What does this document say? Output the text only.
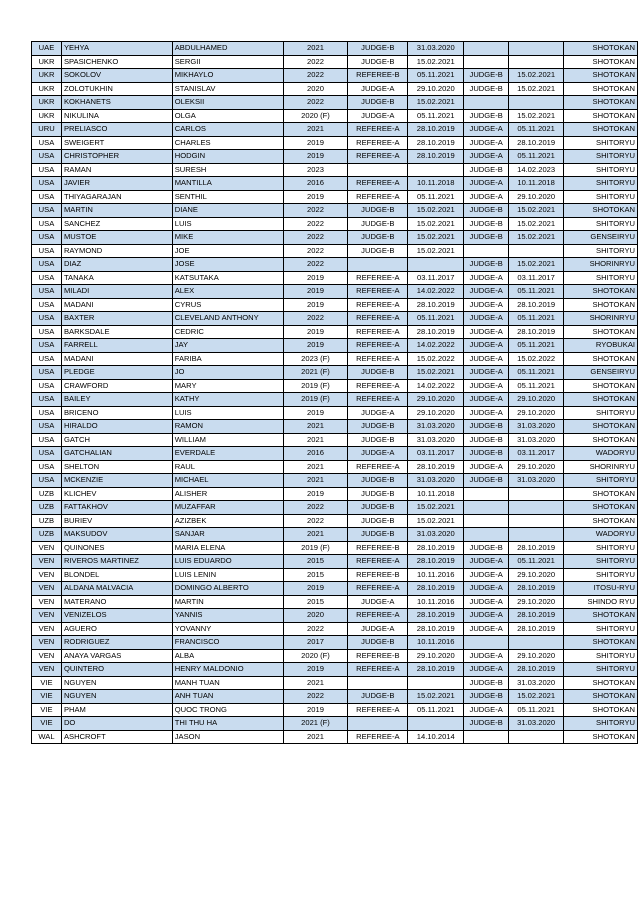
UAE	YEHYA	ABDULHAMED	2021	JUDGE-B	31.03.2020			SHOTOKAN
UKR	SPASICHENKO	SERGII	2022	JUDGE-B	15.02.2021			SHOTOKAN
UKR	SOKOLOV	MIKHAYLO	2022	REFEREE-B	05.11.2021	JUDGE-B	15.02.2021	SHOTOKAN
UKR	ZOLOTUKHIN	STANISLAV	2020	JUDGE-A	29.10.2020	JUDGE-B	15.02.2021	SHOTOKAN
UKR	KOKHANETS	OLEKSII	2022	JUDGE-B	15.02.2021			SHOTOKAN
UKR	NIKULINA	OLGA	2020 (F)	JUDGE-A	05.11.2021	JUDGE-B	15.02.2021	SHOTOKAN
URU	PRELIASCO	CARLOS	2021	REFEREE-A	28.10.2019	JUDGE-A	05.11.2021	SHOTOKAN
USA	SWEIGERT	CHARLES	2019	REFEREE-A	28.10.2019	JUDGE-A	28.10.2019	SHITORYU
USA	CHRISTOPHER	HODGIN	2019	REFEREE-A	28.10.2019	JUDGE-A	05.11.2021	SHITORYU
USA	RAMAN	SURESH	2023			JUDGE-B	14.02.2023	SHITORYU
USA	JAVIER	MANTILLA	2016	REFEREE-A	10.11.2018	JUDGE-A	10.11.2018	SHITORYU
USA	THIYAGARAJAN	SENTHIL	2019	REFEREE-A	05.11.2021	JUDGE-A	29.10.2020	SHITORYU
USA	MARTIN	DIANE	2022	JUDGE-B	15.02.2021	JUDGE-B	15.02.2021	SHOTOKAN
USA	SANCHEZ	LUIS	2022	JUDGE-B	15.02.2021	JUDGE-B	15.02.2021	SHITORYU
USA	MUSTOE	MIKE	2022	JUDGE-B	15.02.2021	JUDGE-B	15.02.2021	GENSEIRYU
USA	RAYMOND	JOE	2022	JUDGE-B	15.02.2021			SHITORYU
USA	DIAZ	JOSE	2022			JUDGE-B	15.02.2021	SHORINRYU
USA	TANAKA	KATSUTAKA	2019	REFEREE-A	03.11.2017	JUDGE-A	03.11.2017	SHITORYU
USA	MILADI	ALEX	2019	REFEREE-A	14.02.2022	JUDGE-A	05.11.2021	SHOTOKAN
USA	MADANI	CYRUS	2019	REFEREE-A	28.10.2019	JUDGE-A	28.10.2019	SHOTOKAN
USA	BAXTER	CLEVELAND ANTHONY	2022	REFEREE-A	05.11.2021	JUDGE-A	05.11.2021	SHORINRYU
USA	BARKSDALE	CEDRIC	2019	REFEREE-A	28.10.2019	JUDGE-A	28.10.2019	SHOTOKAN
USA	FARRELL	JAY	2019	REFEREE-A	14.02.2022	JUDGE-A	05.11.2021	RYOBUKAI
USA	MADANI	FARIBA	2023 (F)	REFEREE-A	15.02.2022	JUDGE-A	15.02.2022	SHOTOKAN
USA	PLEDGE	JO	2021 (F)	JUDGE-B	15.02.2021	JUDGE-A	05.11.2021	GENSEIRYU
USA	CRAWFORD	MARY	2019 (F)	REFEREE-A	14.02.2022	JUDGE-A	05.11.2021	SHOTOKAN
USA	BAILEY	KATHY	2019 (F)	REFEREE-A	29.10.2020	JUDGE-A	29.10.2020	SHOTOKAN
USA	BRICENO	LUIS	2019	JUDGE-A	29.10.2020	JUDGE-A	29.10.2020	SHITORYU
USA	HIRALDO	RAMON	2021	JUDGE-B	31.03.2020	JUDGE-B	31.03.2020	SHOTOKAN
USA	GATCH	WILLIAM	2021	JUDGE-B	31.03.2020	JUDGE-B	31.03.2020	SHOTOKAN
USA	GATCHALIAN	EVERDALE	2016	JUDGE-A	03.11.2017	JUDGE-B	03.11.2017	WADORYU
USA	SHELTON	RAUL	2021	REFEREE-A	28.10.2019	JUDGE-A	29.10.2020	SHORINRYU
USA	MCKENZIE	MICHAEL	2021	JUDGE-B	31.03.2020	JUDGE-B	31.03.2020	SHITORYU
UZB	KLICHEV	ALISHER	2019	JUDGE-B	10.11.2018			SHOTOKAN
UZB	FATTAKHOV	MUZAFFAR	2022	JUDGE-B	15.02.2021			SHOTOKAN
UZB	BURIEV	AZIZBEK	2022	JUDGE-B	15.02.2021			SHOTOKAN
UZB	MAKSUDOV	SANJAR	2021	JUDGE-B	31.03.2020			WADORYU
VEN	QUINONES	MARIA ELENA	2019 (F)	REFEREE-B	28.10.2019	JUDGE-B	28.10.2019	SHITORYU
VEN	RIVEROS MARTINEZ	LUIS EDUARDO	2015	REFEREE-A	28.10.2019	JUDGE-A	05.11.2021	SHITORYU
VEN	BLONDEL	LUIS LENIN	2015	REFEREE-B	10.11.2016	JUDGE-A	29.10.2020	SHITORYU
VEN	ALDANA MALVACIA	DOMINGO ALBERTO	2019	REFEREE-A	28.10.2019	JUDGE-A	28.10.2019	ITOSU-RYU
VEN	MATERANO	MARTIN	2015	JUDGE-A	10.11.2016	JUDGE-A	29.10.2020	SHINDO RYU
VEN	VENIZELOS	YANNIS	2020	REFEREE-A	28.10.2019	JUDGE-A	28.10.2019	SHOTOKAN
VEN	AGUERO	YOVANNY	2022	JUDGE-A	28.10.2019	JUDGE-A	28.10.2019	SHITORYU
VEN	RODRIGUEZ	FRANCISCO	2017	JUDGE-B	10.11.2016			SHOTOKAN
VEN	ANAYA VARGAS	ALBA	2020 (F)	REFEREE-B	29.10.2020	JUDGE-A	29.10.2020	SHITORYU
VEN	QUINTERO	HENRY MALDONIO	2019	REFEREE-A	28.10.2019	JUDGE-A	28.10.2019	SHITORYU
VIE	NGUYEN	MANH TUAN	2021			JUDGE-B	31.03.2020	SHOTOKAN
VIE	NGUYEN	ANH TUAN	2022	JUDGE-B	15.02.2021	JUDGE-B	15.02.2021	SHOTOKAN
VIE	PHAM	QUOC TRONG	2019	REFEREE-A	05.11.2021	JUDGE-A	05.11.2021	SHOTOKAN
VIE	DO	THI THU HA	2021 (F)			JUDGE-B	31.03.2020	SHITORYU
WAL	ASHCROFT	JASON	2021	REFEREE-A	14.10.2014			SHOTOKAN
